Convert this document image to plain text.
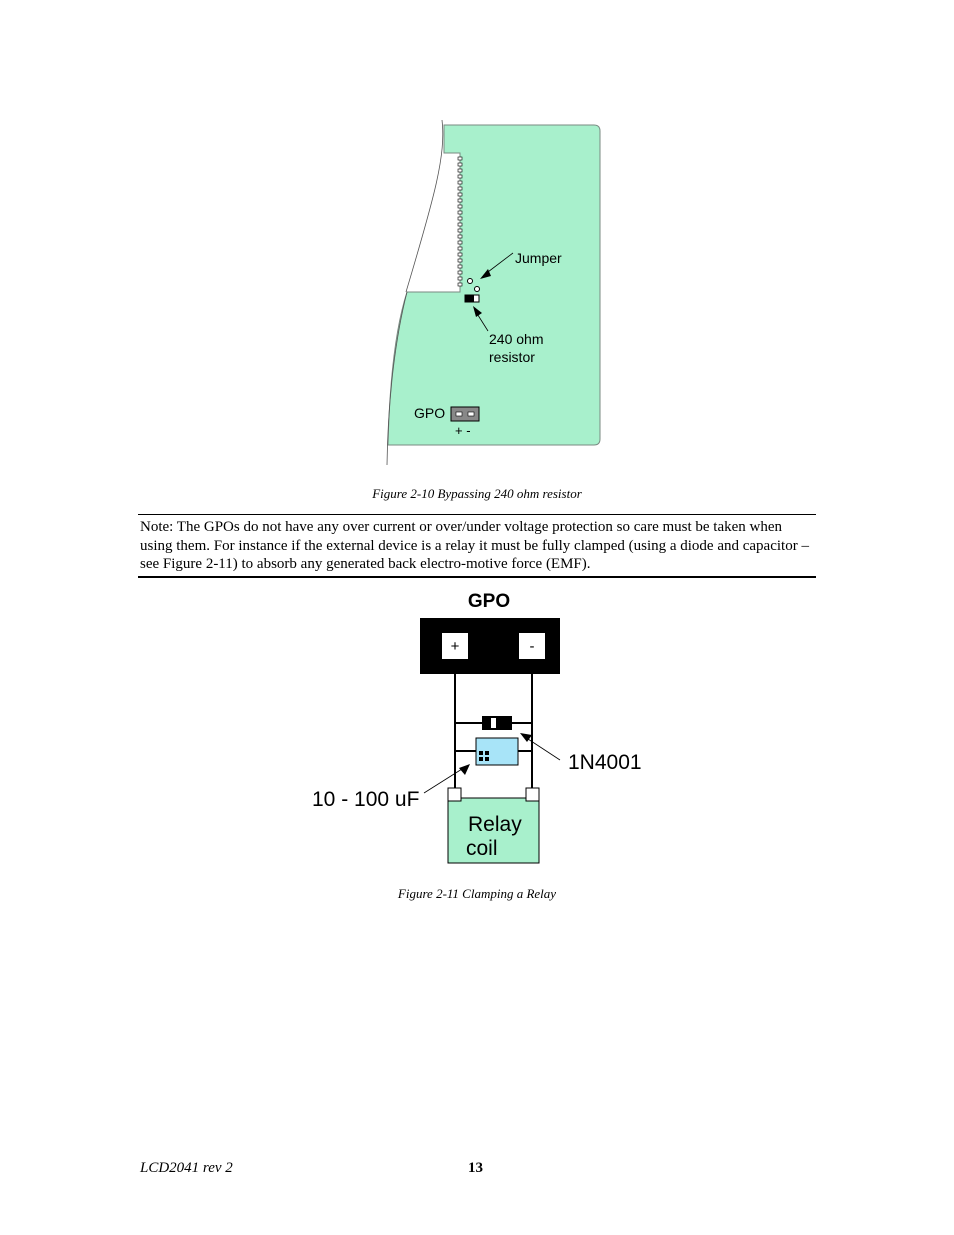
Jumper
240 ohm
resistor
GPO
+ -
Figure 2-10 Bypassing 240 ohm resistor
Note: The GPOs do not have any over current or over/under voltage protection so care must be taken when using them. For instance if the external device is a relay it must be fully clamped (using a diode and capacitor – see Figure 2-11) to absorb any generated back electro-motive force (EMF).
GPO
+	-
1N4001
10 - 100 uF
Relay
coil
Figure 2-11 Clamping a Relay
LCD2041 rev 2	13
